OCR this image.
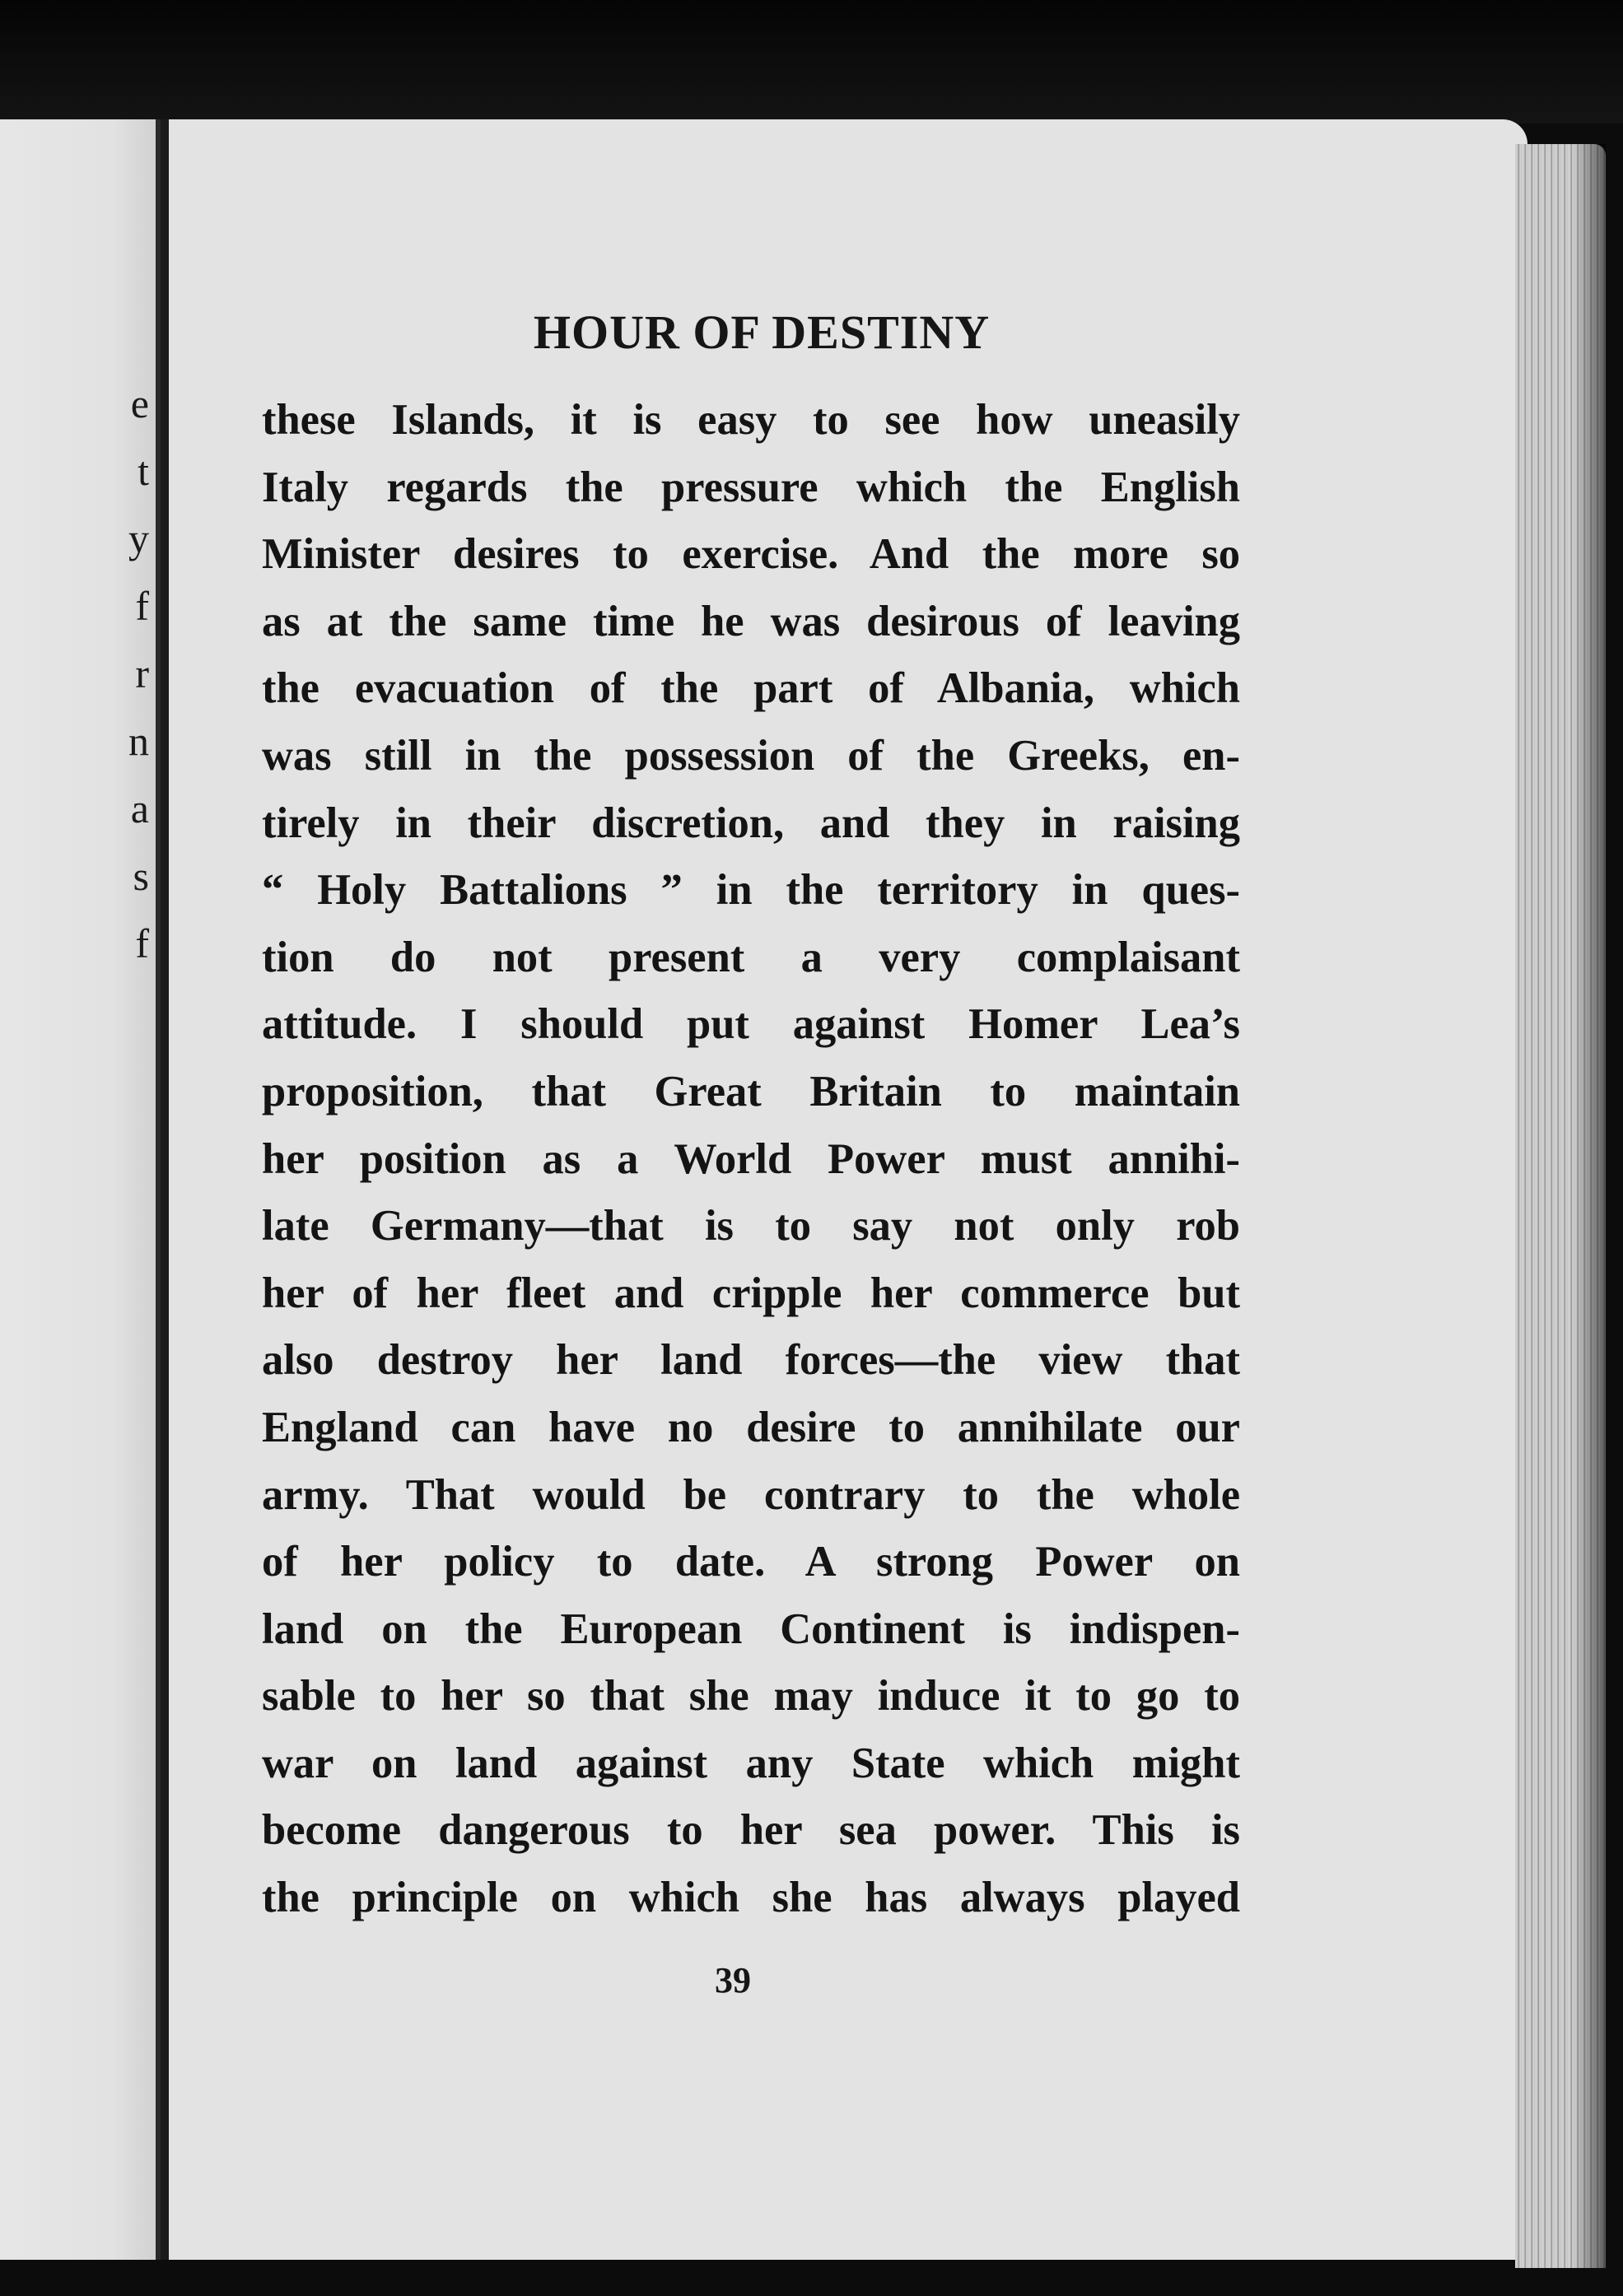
e
t
y
f
r
n
a
s
f
HOUR OF DESTINY
these Islands, it is easy to see how uneasily
Italy regards the pressure which the English
Minister desires to exercise. And the more so
as at the same time he was desirous of leaving
the evacuation of the part of Albania, which
was still in the possession of the Greeks, en-
tirely in their discretion, and they in raising
“ Holy Battalions ” in the territory in ques-
tion do not present a very complaisant
attitude. I should put against Homer Lea’s
proposition, that Great Britain to maintain
her position as a World Power must annihi-
late Germany—that is to say not only rob
her of her fleet and cripple her commerce but
also destroy her land forces—the view that
England can have no desire to annihilate our
army. That would be contrary to the whole
of her policy to date. A strong Power on
land on the European Continent is indispen-
sable to her so that she may induce it to go to
war on land against any State which might
become dangerous to her sea power. This is
the principle on which she has always played
39
